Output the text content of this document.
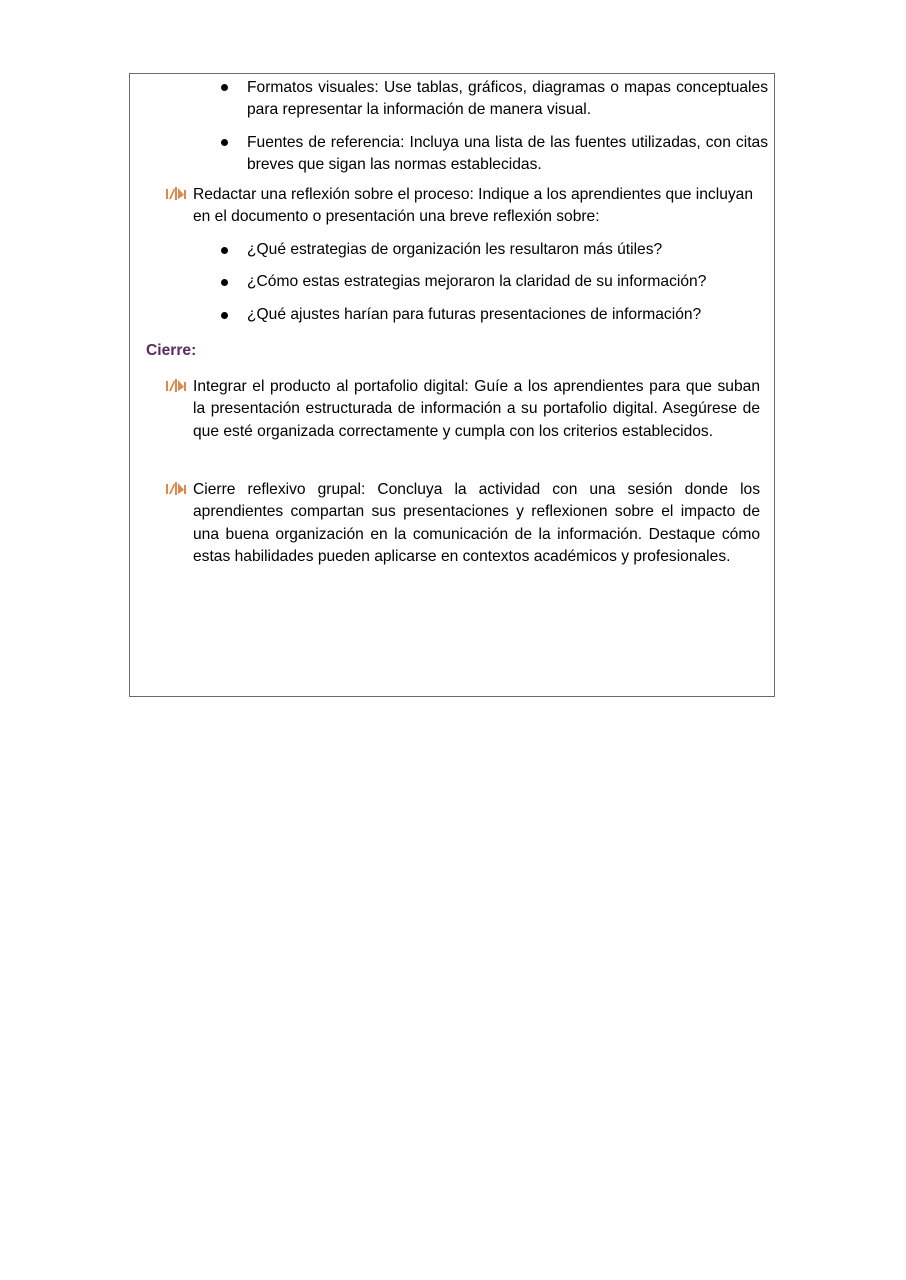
Formatos visuales: Use tablas, gráficos, diagramas o mapas conceptuales para representar la información de manera visual.

Fuentes de referencia: Incluya una lista de las fuentes utilizadas, con citas breves que sigan las normas establecidas.

Redactar una reflexión sobre el proceso: Indique a los aprendientes que incluyan en el documento o presentación una breve reflexión sobre:

¿Qué estrategias de organización les resultaron más útiles?

¿Cómo estas estrategias mejoraron la claridad de su información?

¿Qué ajustes harían para futuras presentaciones de información?

Cierre:

Integrar el producto al portafolio digital: Guíe a los aprendientes para que suban la presentación estructurada de información a su portafolio digital. Asegúrese de que esté organizada correctamente y cumpla con los criterios establecidos.

Cierre reflexivo grupal: Concluya la actividad con una sesión donde los aprendientes compartan sus presentaciones y reflexionen sobre el impacto de una buena organización en la comunicación de la información. Destaque cómo estas habilidades pueden aplicarse en contextos académicos y profesionales.
